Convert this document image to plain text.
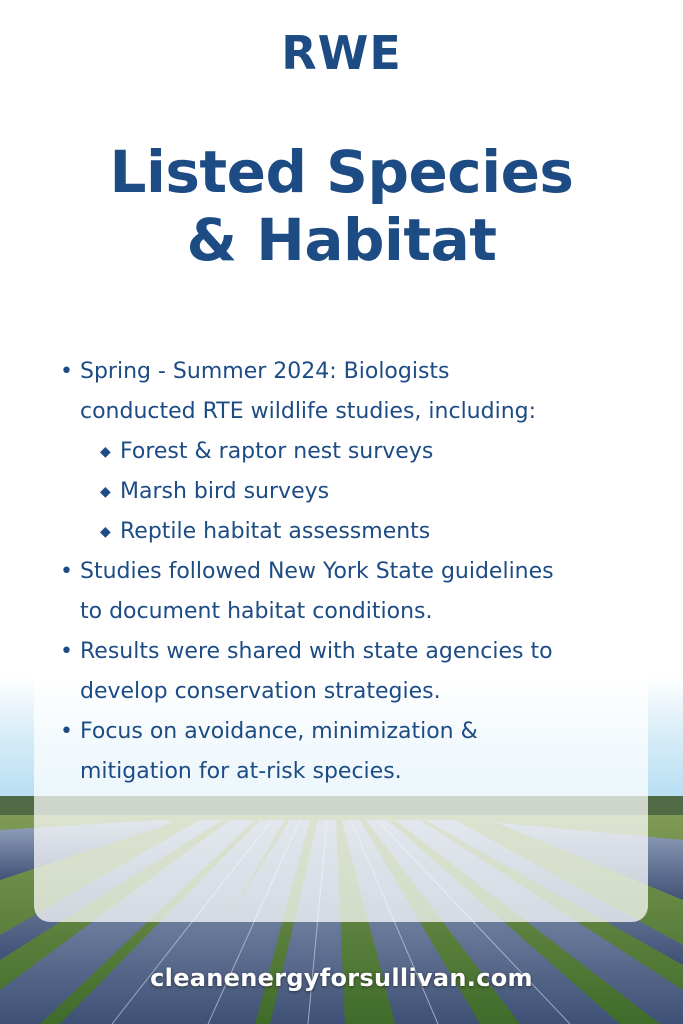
RWE
Listed Species
& Habitat
• Spring - Summer 2024: Biologists
conducted RTE wildlife studies, including:
◆ Forest & raptor nest surveys
◆ Marsh bird surveys
◆ Reptile habitat assessments
• Studies followed New York State guidelines
to document habitat conditions.
• Results were shared with state agencies to
develop conservation strategies.
• Focus on avoidance, minimization &
mitigation for at-risk species.
cleanenergyforsullivan.com
